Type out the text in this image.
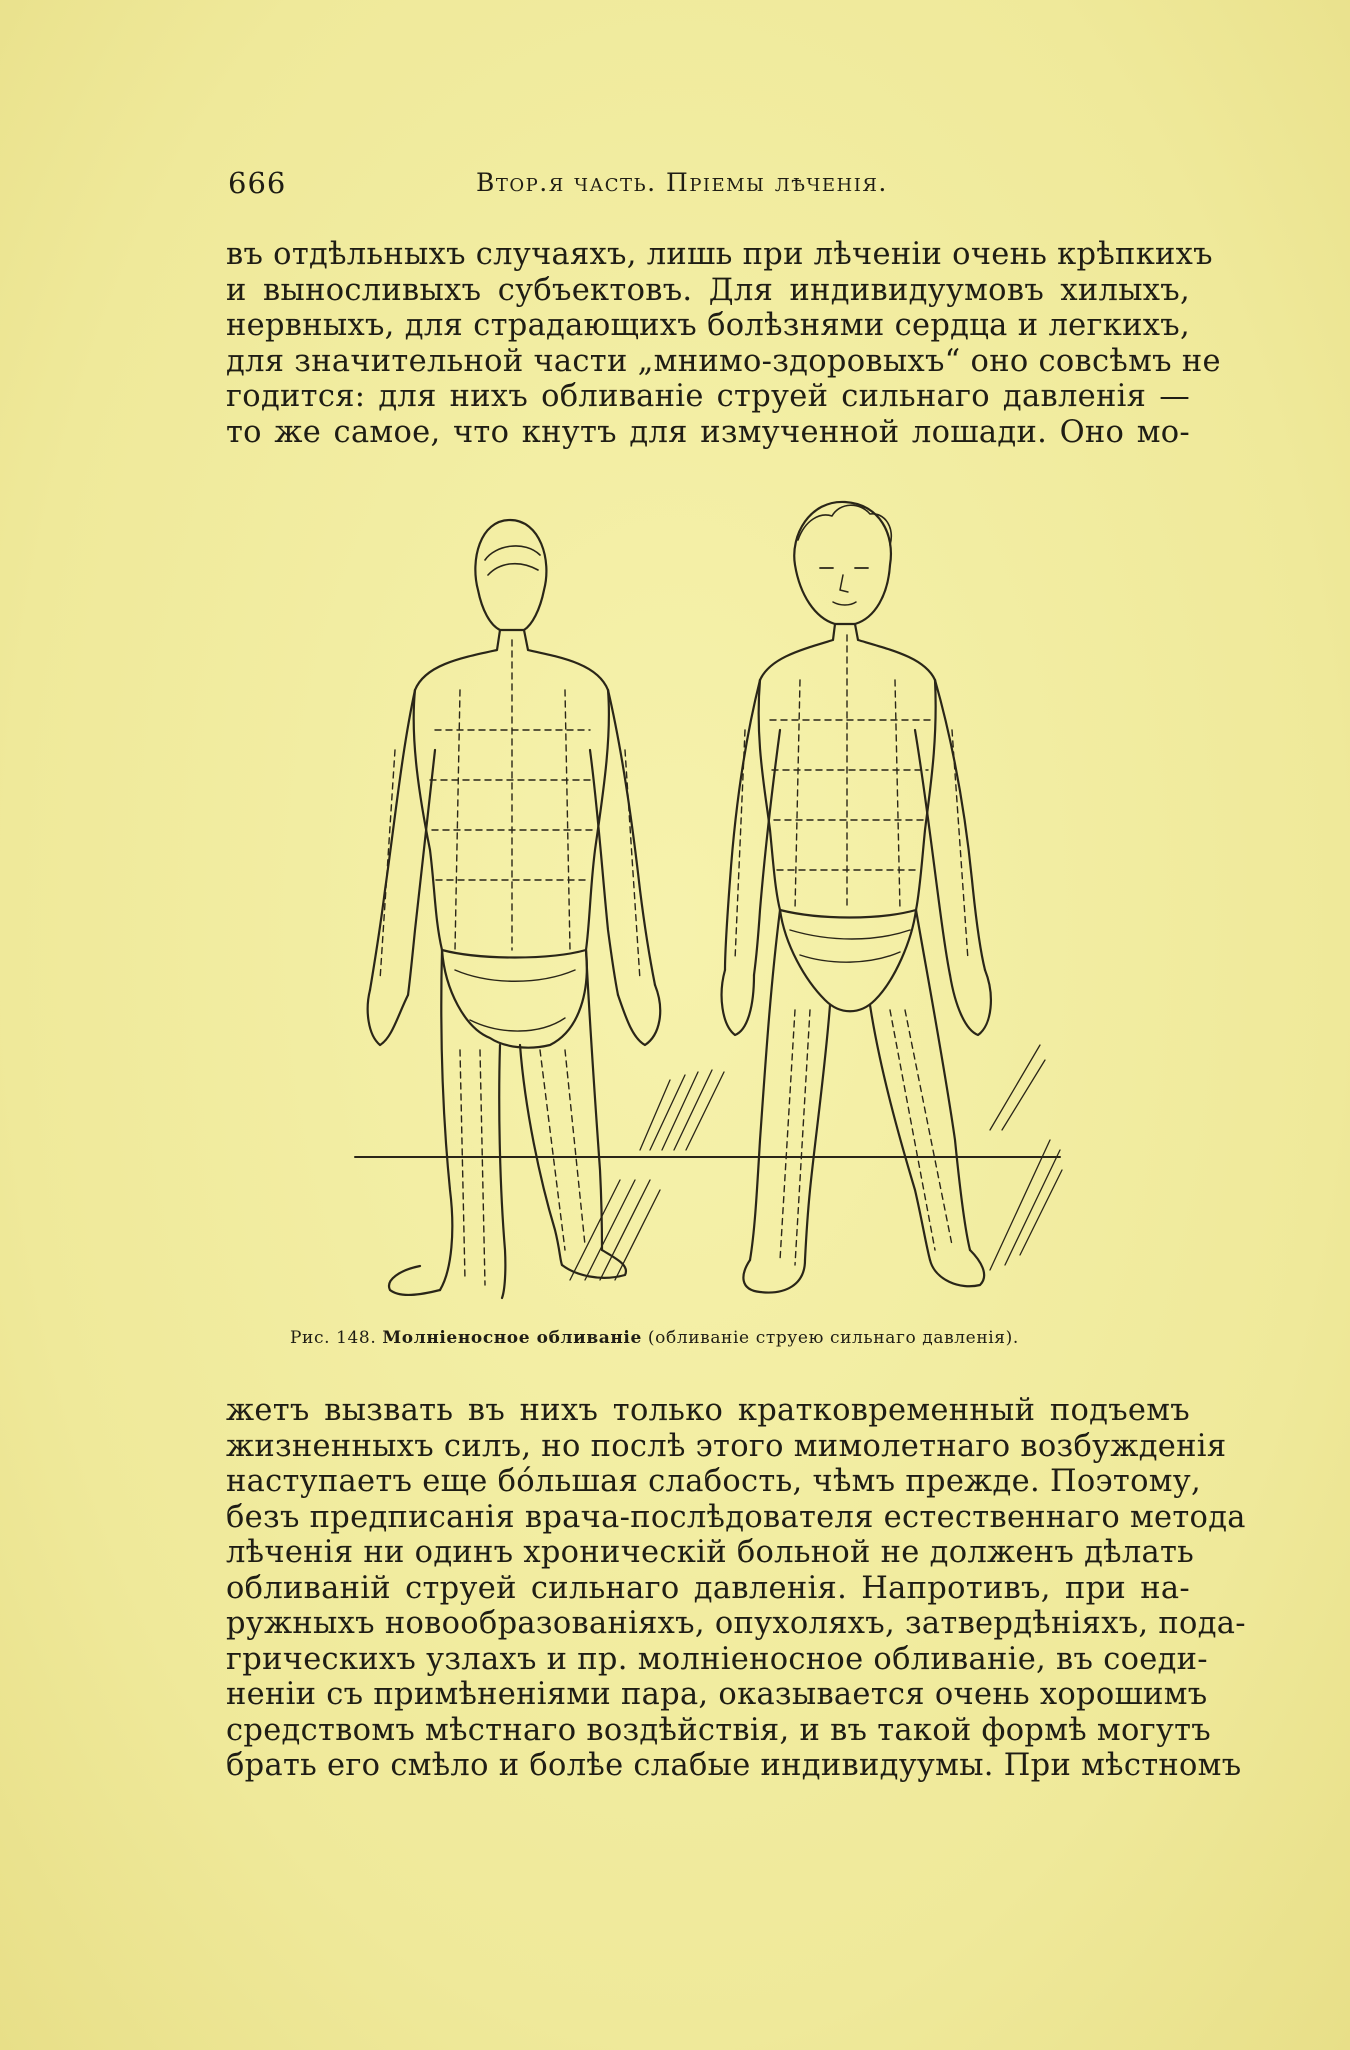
666	Втор.я часть. Пріемы лѣченія.
въ отдѣльныхъ случаяхъ, лишь при лѣченіи очень крѣпкихъ
и выносливыхъ субъектовъ. Для индивидуумовъ хилыхъ,
нервныхъ, для страдающихъ болѣзнями сердца и легкихъ,
для значительной части „мнимо-здоровыхъ“ оно совсѣмъ не
годится: для нихъ обливаніе струей сильнаго давленія —
то же самое, что кнутъ для измученной лошади. Оно мо-
Рис. 148. Молніеносное обливаніе (обливаніе струею сильнаго давленія).
жетъ вызвать въ нихъ только кратковременный подъемъ
жизненныхъ силъ, но послѣ этого мимолетнаго возбужденія
наступаетъ еще бо́льшая слабость, чѣмъ прежде. Поэтому,
безъ предписанія врача-послѣдователя естественнаго метода
лѣченія ни одинъ хроническій больной не долженъ дѣлать
обливаній струей сильнаго давленія. Напротивъ, при на-
ружныхъ новообразованіяхъ, опухоляхъ, затвердѣніяхъ, пода-
грическихъ узлахъ и пр. молніеносное обливаніе, въ соеди-
неніи съ примѣненіями пара, оказывается очень хорошимъ
средствомъ мѣстнаго воздѣйствія, и въ такой формѣ могутъ
брать его смѣло и болѣе слабые индивидуумы. При мѣстномъ
